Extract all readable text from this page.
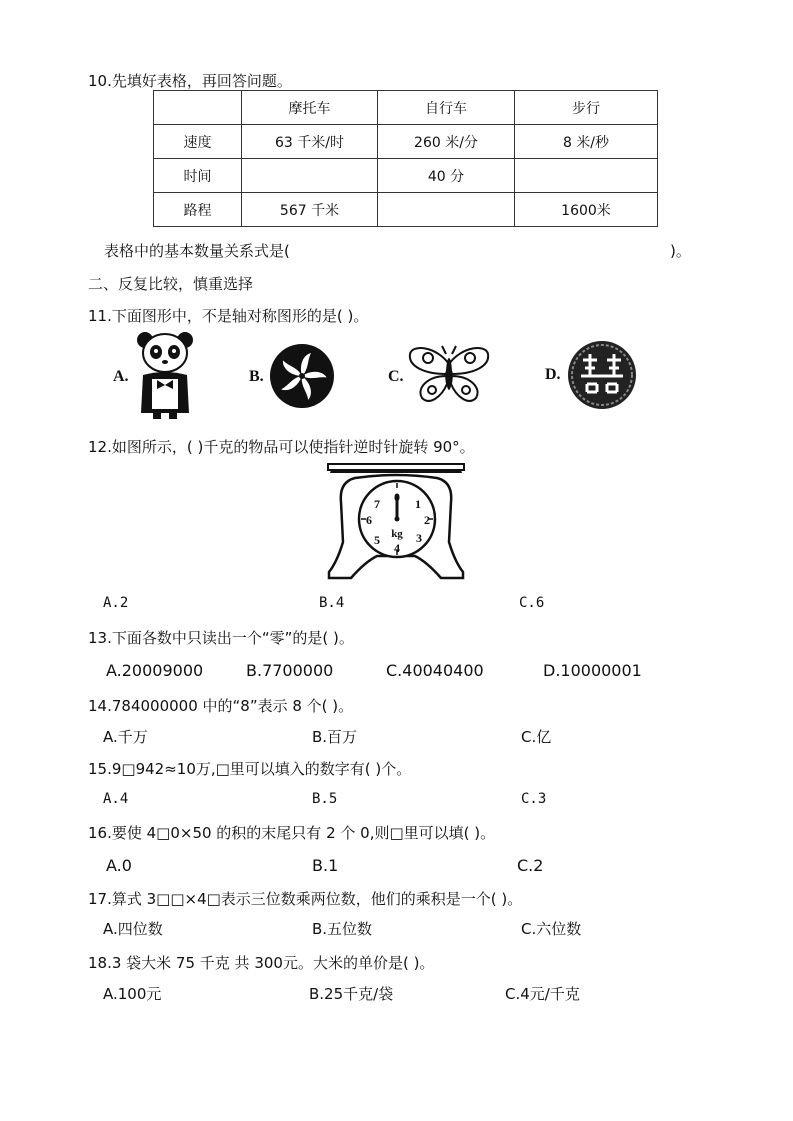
10.先填好表格，再回答问题。
	摩托车	自行车	步行
速度	63 千米/时	260 米/分	8 米/秒
时间		40 分	
路程	567 千米		1600米
表格中的基本数量关系式是(	)。
二、反复比较，慎重选择
11.下面图形中，不是轴对称图形的是( )。
A.	B.	C.	D.
12.如图所示，( )千克的物品可以使指针逆时针旋转 90°。
0 1
2
3
4
5
6
7
kg
A.2	B.4	C.6
13.下面各数中只读出一个“零”的是( )。
A.20009000	B.7700000	C.40040400	D.10000001
14.784000000 中的“8”表示 8 个( )。
A.千万	B.百万	C.亿
15.9□942≈10万,□里可以填入的数字有( )个。
A.4	B.5	C.3
16.要使 4□0×50 的积的末尾只有 2 个 0,则□里可以填( )。
A.0	B.1	C.2
17.算式 3□□×4□表示三位数乘两位数，他们的乘积是一个( )。
A.四位数	B.五位数	C.六位数
18.3 袋大米 75 千克 共 300元。大米的单价是( )。
A.100元	B.25千克/袋	C.4元/千克
